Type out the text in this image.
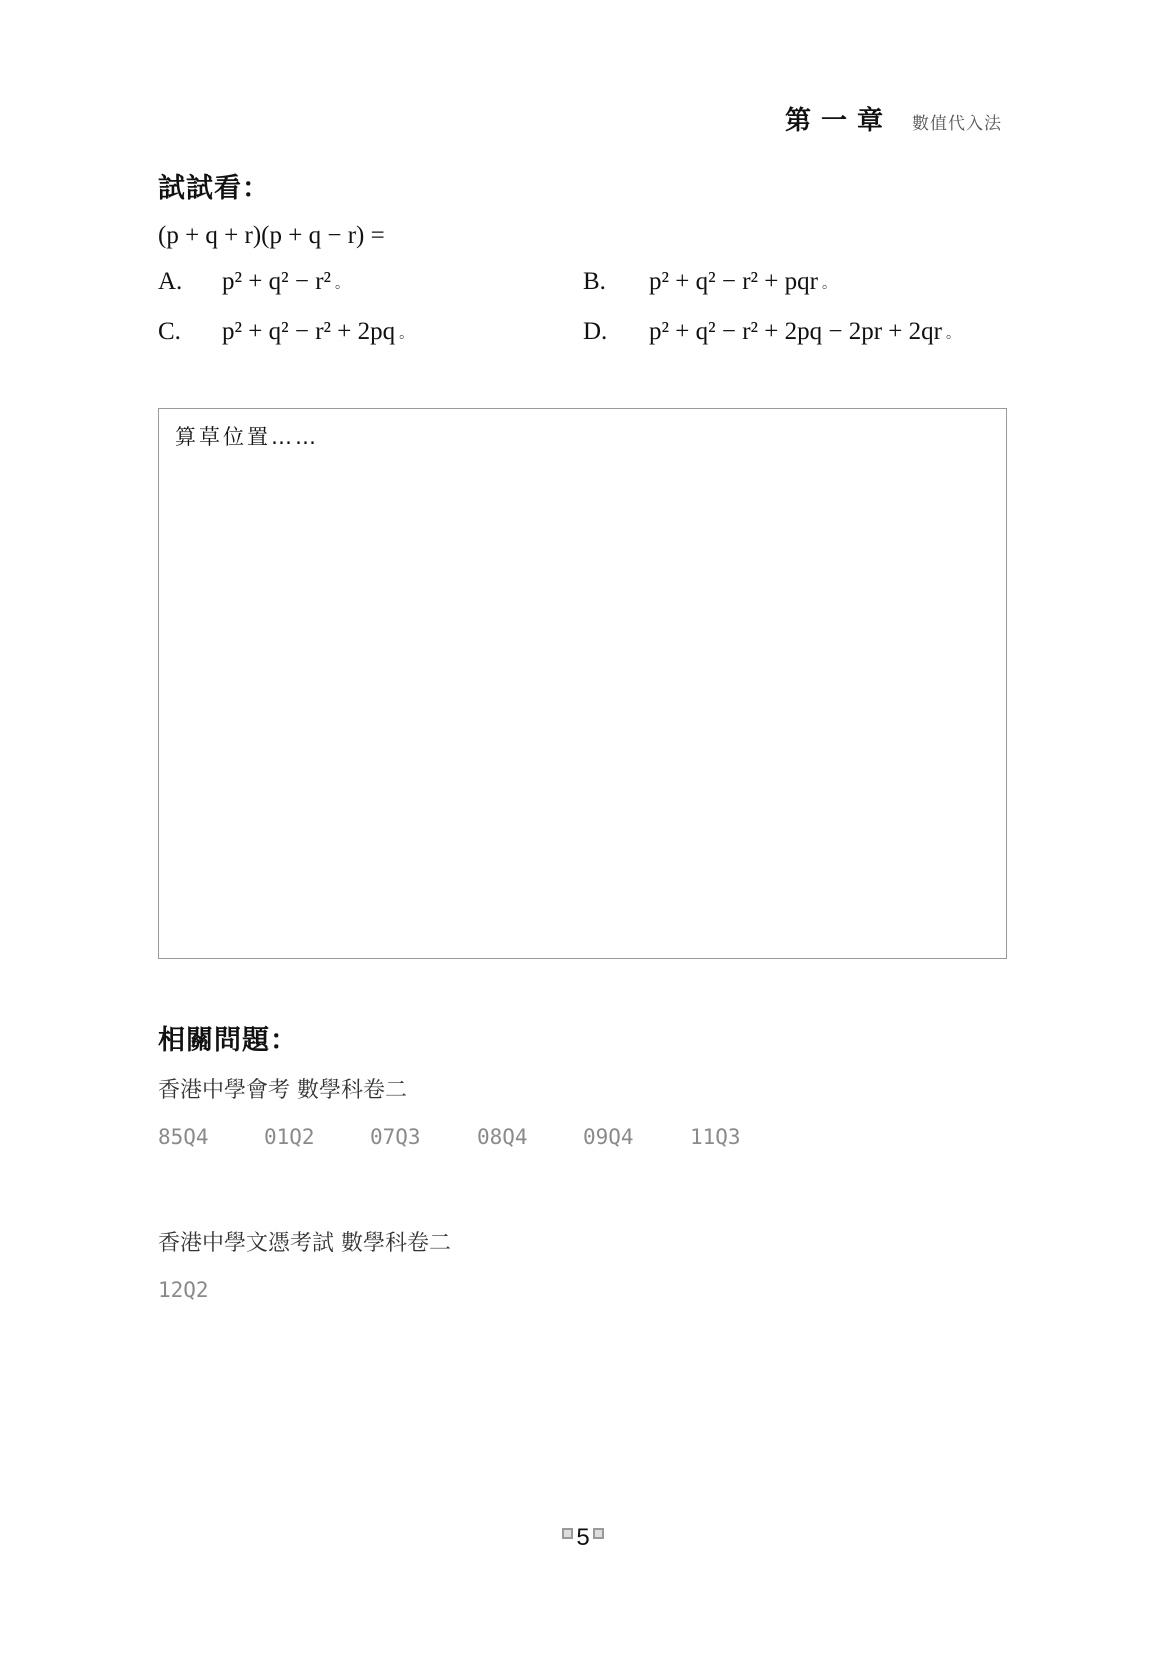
第一章 數值代入法
試試看：
(p + q + r)(p + q − r) =
A. p² + q² − r² 。	B. p² + q² − r² + pqr 。
C. p² + q² − r² + 2pq 。	D. p² + q² − r² + 2pq − 2pr + 2qr 。
算草位置……
相關問題：
香港中學會考 數學科卷二
85Q4	01Q2	07Q3	08Q4	09Q4	11Q3
香港中學文憑考試 數學科卷二
12Q2
5
